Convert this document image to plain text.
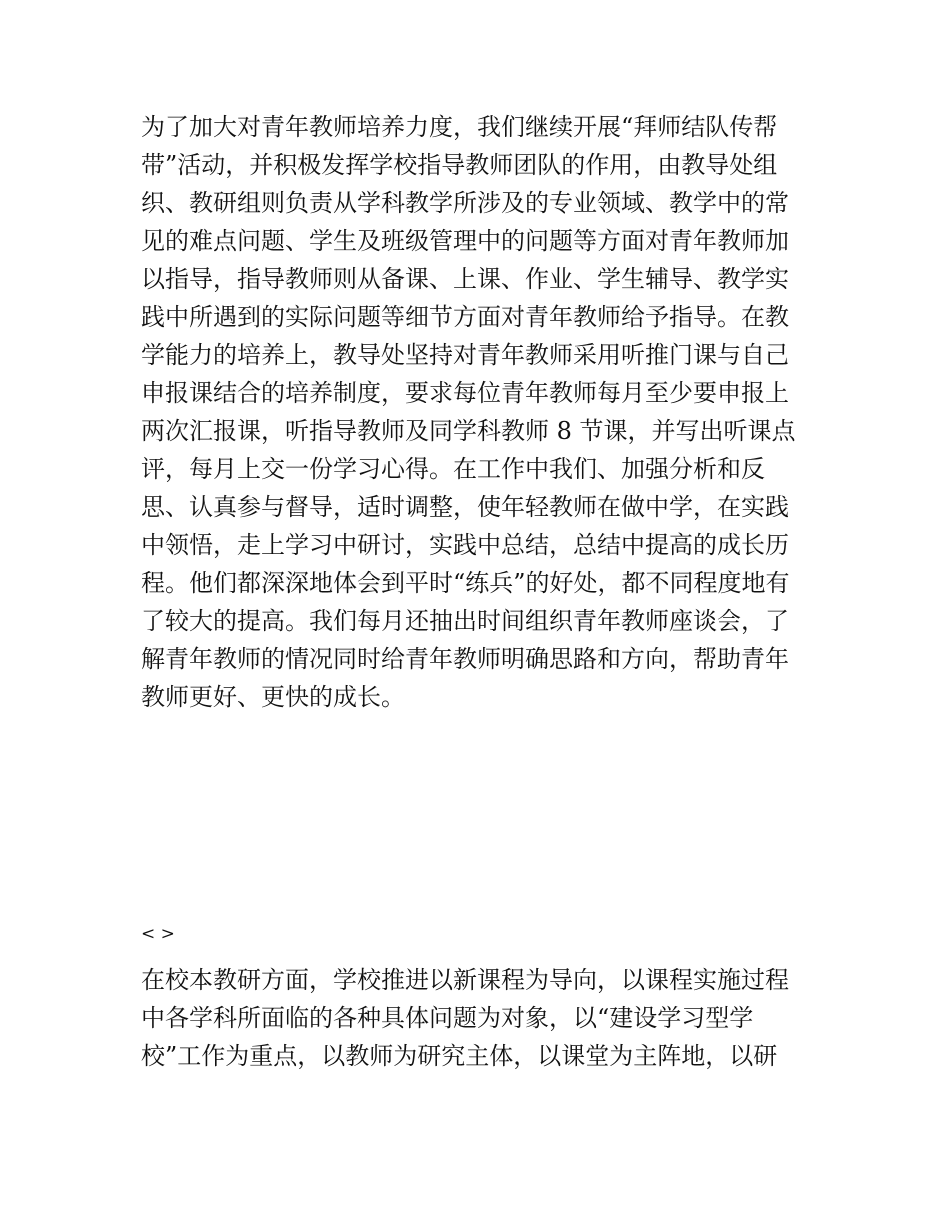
为了加大对青年教师培养力度，我们继续开展“拜师结队传帮
带”活动，并积极发挥学校指导教师团队的作用，由教导处组
织、教研组则负责从学科教学所涉及的专业领域、教学中的常
见的难点问题、学生及班级管理中的问题等方面对青年教师加
以指导，指导教师则从备课、上课、作业、学生辅导、教学实
践中所遇到的实际问题等细节方面对青年教师给予指导。在教
学能力的培养上，教导处坚持对青年教师采用听推门课与自己
申报课结合的培养制度，要求每位青年教师每月至少要申报上
两次汇报课，听指导教师及同学科教师 8 节课，并写出听课点
评，每月上交一份学习心得。在工作中我们、加强分析和反
思、认真参与督导，适时调整，使年轻教师在做中学，在实践
中领悟，走上学习中研讨，实践中总结，总结中提高的成长历
程。他们都深深地体会到平时“练兵”的好处，都不同程度地有
了较大的提高。我们每月还抽出时间组织青年教师座谈会，了
解青年教师的情况同时给青年教师明确思路和方向，帮助青年
教师更好、更快的成长。
< >
在校本教研方面，学校推进以新课程为导向，以课程实施过程
中各学科所面临的各种具体问题为对象，以“建设学习型学
校”工作为重点，以教师为研究主体，以课堂为主阵地，以研
